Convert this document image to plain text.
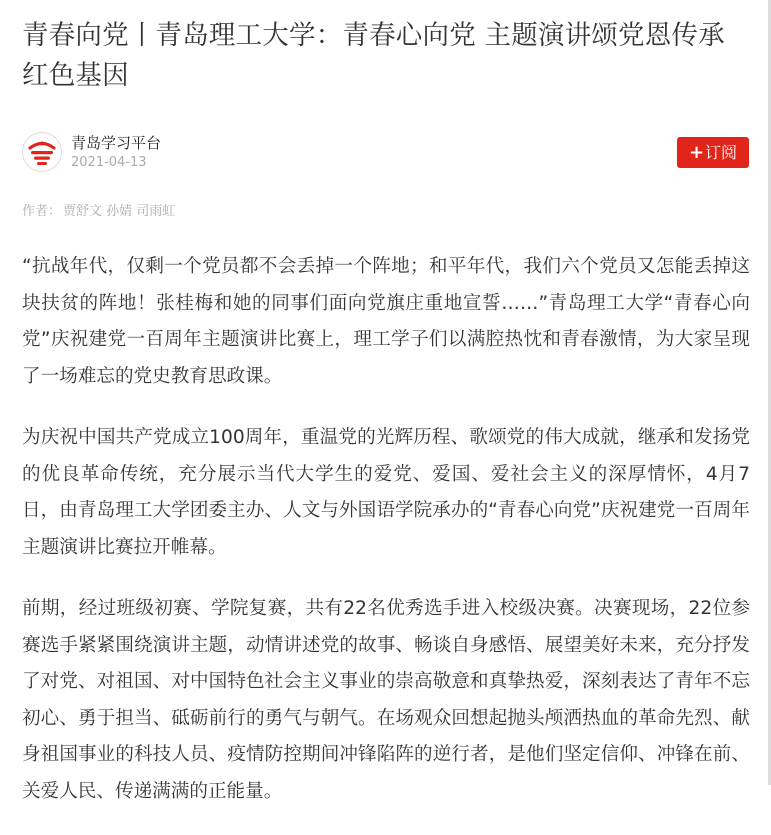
青春向党丨青岛理工大学：青春心向党 主题演讲颂党恩传承红色基因
青岛学习平台
2021-04-13	+订阅
作者： 贾舒文 孙婧 司雨虹

“抗战年代，仅剩一个党员都不会丢掉一个阵地；和平年代，我们六个党员又怎能丢掉这块扶贫的阵地！张桂梅和她的同事们面向党旗庄重地宣誓……”青岛理工大学“青春心向党”庆祝建党一百周年主题演讲比赛上，理工学子们以满腔热忱和青春激情，为大家呈现了一场难忘的党史教育思政课。

为庆祝中国共产党成立100周年，重温党的光辉历程、歌颂党的伟大成就，继承和发扬党的优良革命传统，充分展示当代大学生的爱党、爱国、爱社会主义的深厚情怀，4月7日，由青岛理工大学团委主办、人文与外国语学院承办的“青春心向党”庆祝建党一百周年主题演讲比赛拉开帷幕。

前期，经过班级初赛、学院复赛，共有22名优秀选手进入校级决赛。决赛现场，22位参赛选手紧紧围绕演讲主题，动情讲述党的故事、畅谈自身感悟、展望美好未来，充分抒发了对党、对祖国、对中国特色社会主义事业的崇高敬意和真挚热爱，深刻表达了青年不忘初心、勇于担当、砥砺前行的勇气与朝气。在场观众回想起抛头颅洒热血的革命先烈、献身祖国事业的科技人员、疫情防控期间冲锋陷阵的逆行者，是他们坚定信仰、冲锋在前、关爱人民、传递满满的正能量。
